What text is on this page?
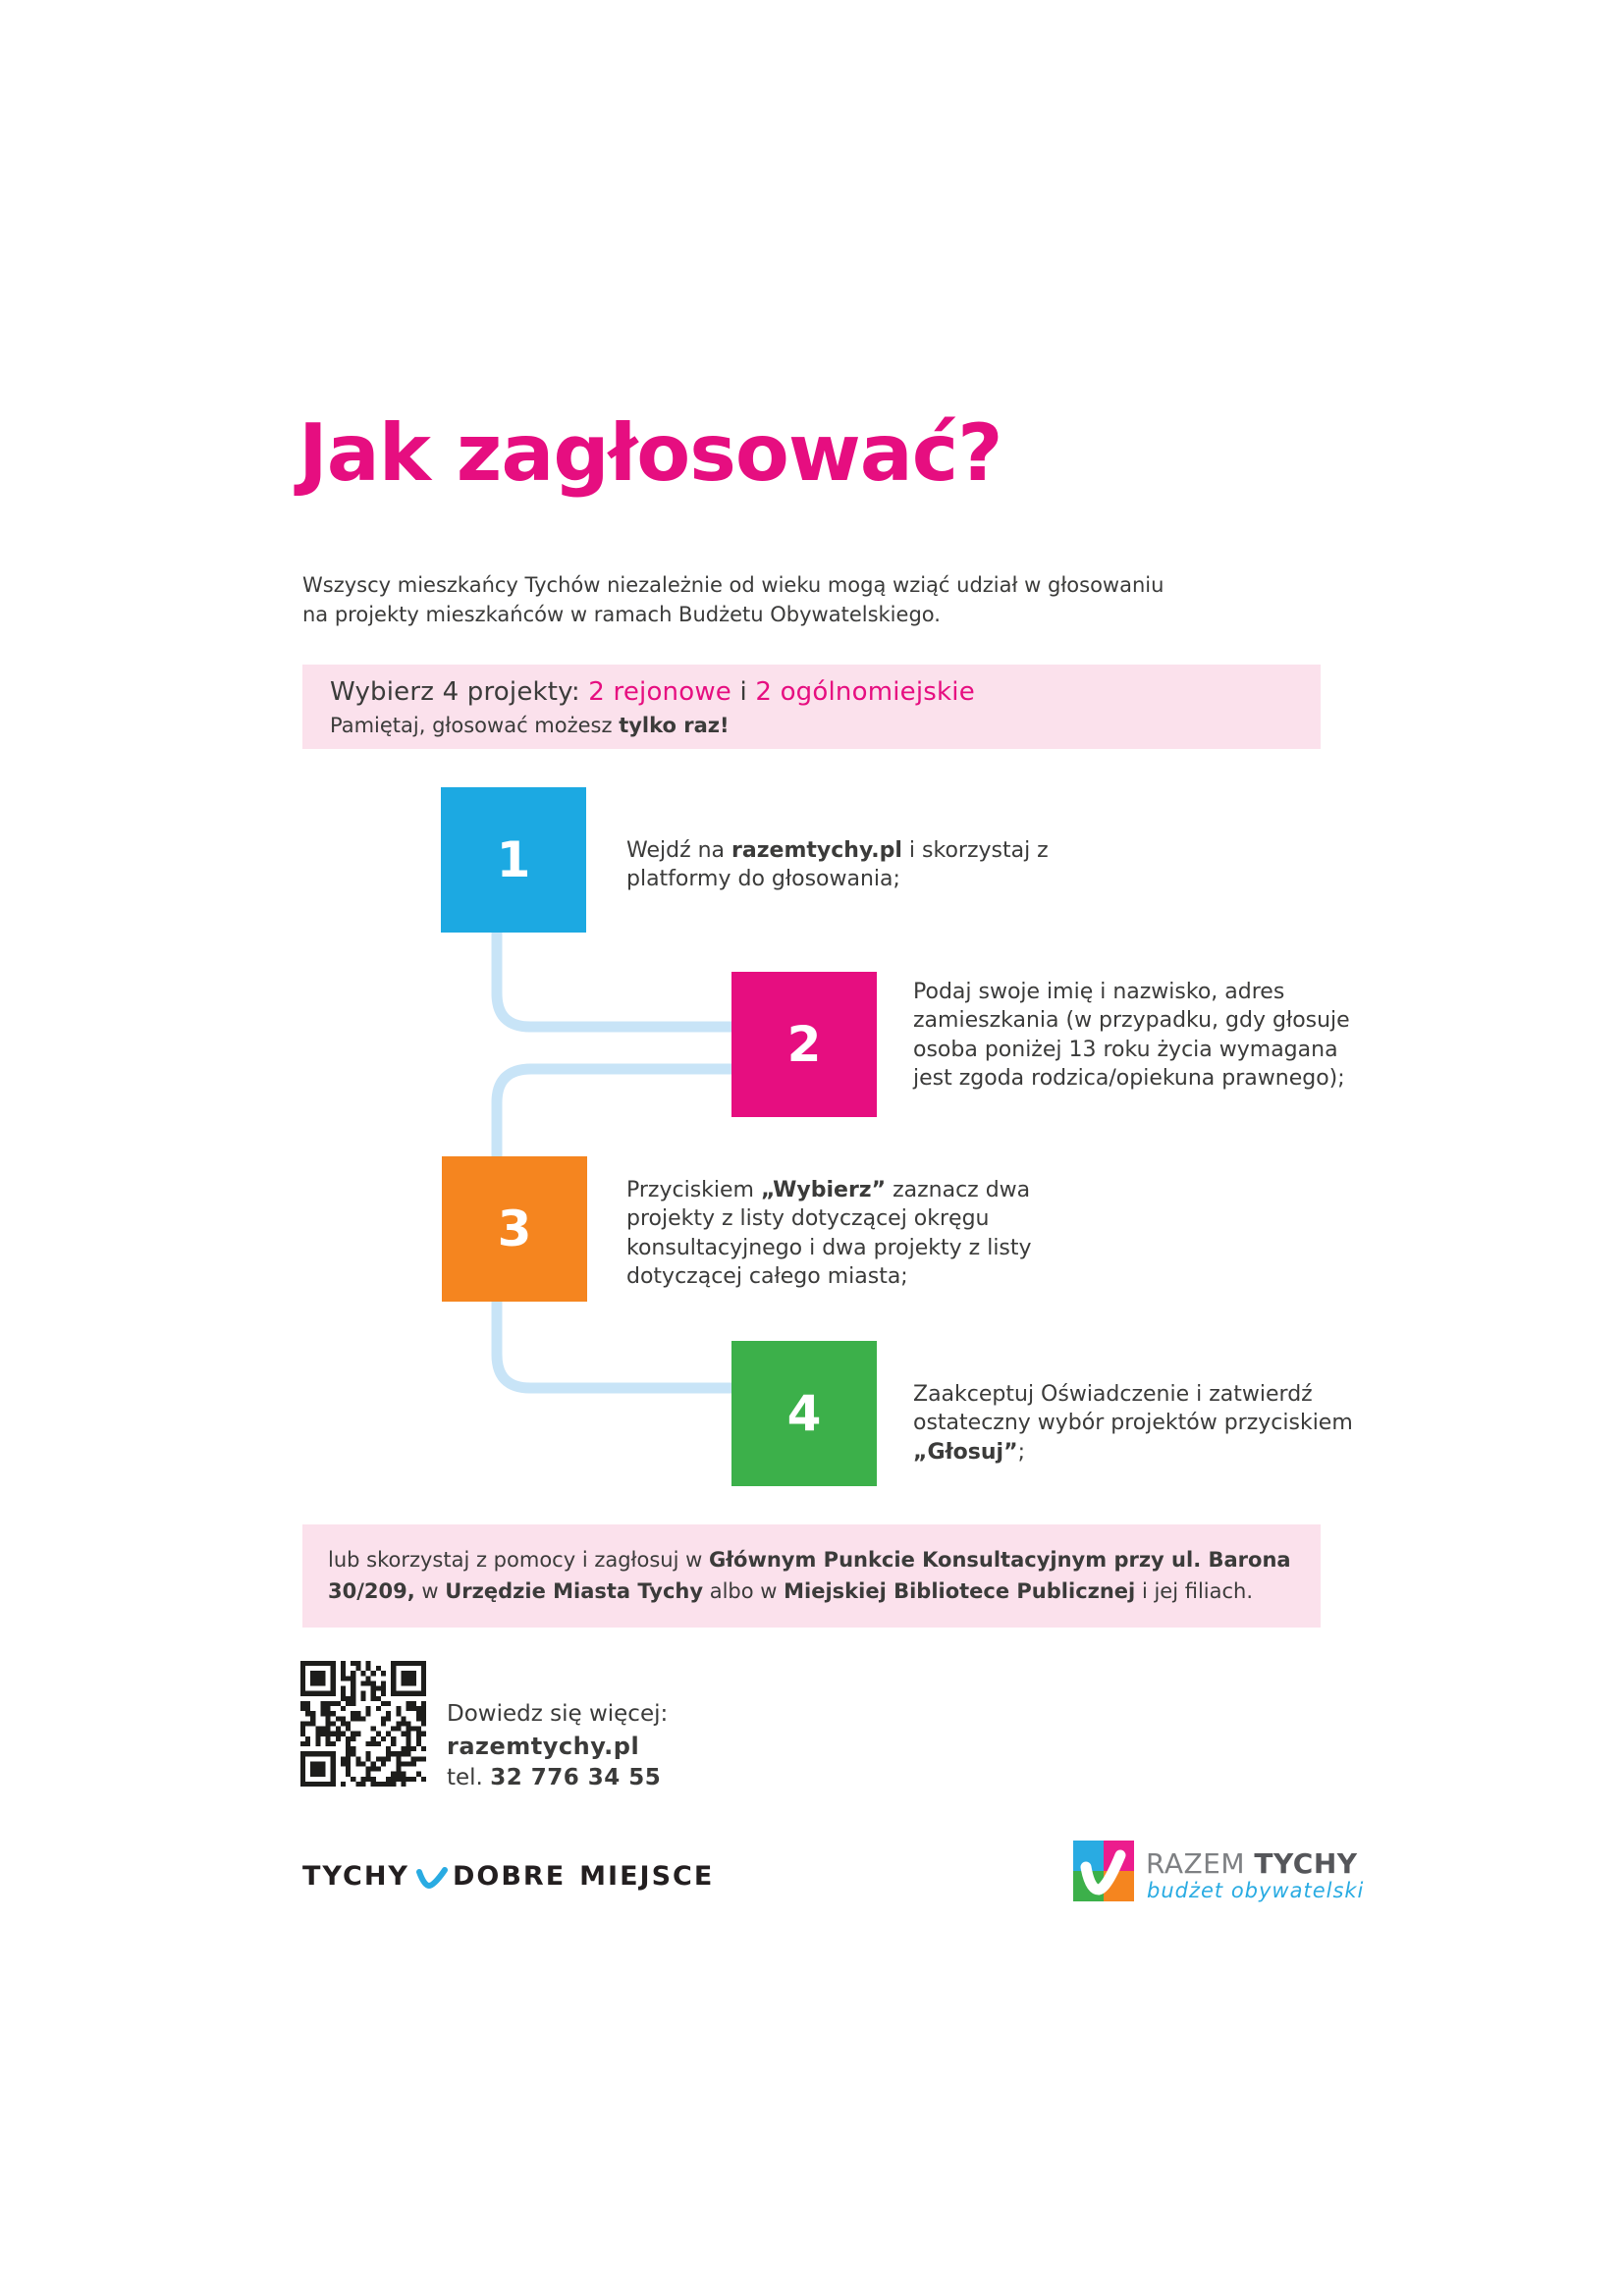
Jak zagłosować?

Wszyscy mieszkańcy Tychów niezależnie od wieku mogą wziąć udział w głosowaniu
na projekty mieszkańców w ramach Budżetu Obywatelskiego.

Wybierz 4 projekty: 2 rejonowe i 2 ogólnomiejskie
Pamiętaj, głosować możesz tylko raz!
1
2
3
4
Wejdź na razemtychy.pl i skorzystaj z platformy do głosowania;
Podaj swoje imię i nazwisko, adres zamieszkania (w przypadku, gdy głosuje osoba poniżej 13 roku życia wymagana jest zgoda rodzica/opiekuna prawnego);
Przyciskiem „Wybierz” zaznacz dwa projekty z listy dotyczącej okręgu konsultacyjnego i dwa projekty z listy dotyczącej całego miasta;
Zaakceptuj Oświadczenie i zatwierdź ostateczny wybór projektów przyciskiem „Głosuj”;
lub skorzystaj z pomocy i zagłosuj w Głównym Punkcie Konsultacyjnym przy ul. Barona 30/209, w Urzędzie Miasta Tychy albo w Miejskiej Bibliotece Publicznej i jej filiach.
Dowiedz się więcej:
razemtychy.pl
tel. 32 776 34 55
TYCHY DOBRE MIEJSCE	RAZEM TYCHY
budżet obywatelski
